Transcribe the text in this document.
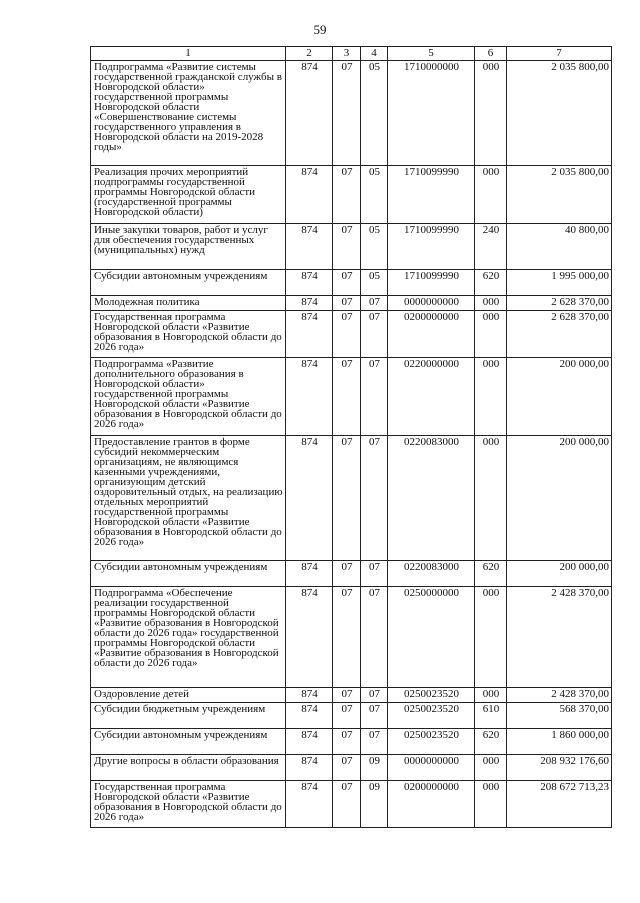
59
1	2	3	4	5	6	7
Подпрограмма «Развитие системы государственной гражданской службы в Новгородской области» государственной программы Новгородской области «Совершенствование системы государственного управления в Новгородской области на 2019-2028 годы»	874	07	05	1710000000	000	2 035 800,00
Реализация прочих мероприятий подпрограммы государственной программы Новгородской области (государственной программы Новгородской области)	874	07	05	1710099990	000	2 035 800,00
Иные закупки товаров, работ и услуг для обеспечения государственных (муниципальных) нужд	874	07	05	1710099990	240	40 800,00
Субсидии автономным учреждениям	874	07	05	1710099990	620	1 995 000,00
Молодежная политика	874	07	07	0000000000	000	2 628 370,00
Государственная программа Новгородской области «Развитие образования в Новгородской области до 2026 года»	874	07	07	0200000000	000	2 628 370,00
Подпрограмма «Развитие дополнительного образования в Новгородской области» государственной программы Новгородской области «Развитие образования в Новгородской области до 2026 года»	874	07	07	0220000000	000	200 000,00
Предоставление грантов в форме субсидий некоммерческим организациям, не являющимся казенными учреждениями, организующим детский оздоровительный отдых, на реализацию отдельных мероприятий государственной программы Новгородской области «Развитие образования в Новгородской области до 2026 года»	874	07	07	0220083000	000	200 000,00
Субсидии автономным учреждениям	874	07	07	0220083000	620	200 000,00
Подпрограмма «Обеспечение реализации государственной программы Новгородской области «Развитие образования в Новгородской области до 2026 года» государственной программы Новгородской области «Развитие образования в Новгородской области до 2026 года»	874	07	07	0250000000	000	2 428 370,00
Оздоровление детей	874	07	07	0250023520	000	2 428 370,00
Субсидии бюджетным учреждениям	874	07	07	0250023520	610	568 370,00
Субсидии автономным учреждениям	874	07	07	0250023520	620	1 860 000,00
Другие вопросы в области образования	874	07	09	0000000000	000	208 932 176,60
Государственная программа Новгородской области «Развитие образования в Новгородской области до 2026 года»	874	07	09	0200000000	000	208 672 713,23
